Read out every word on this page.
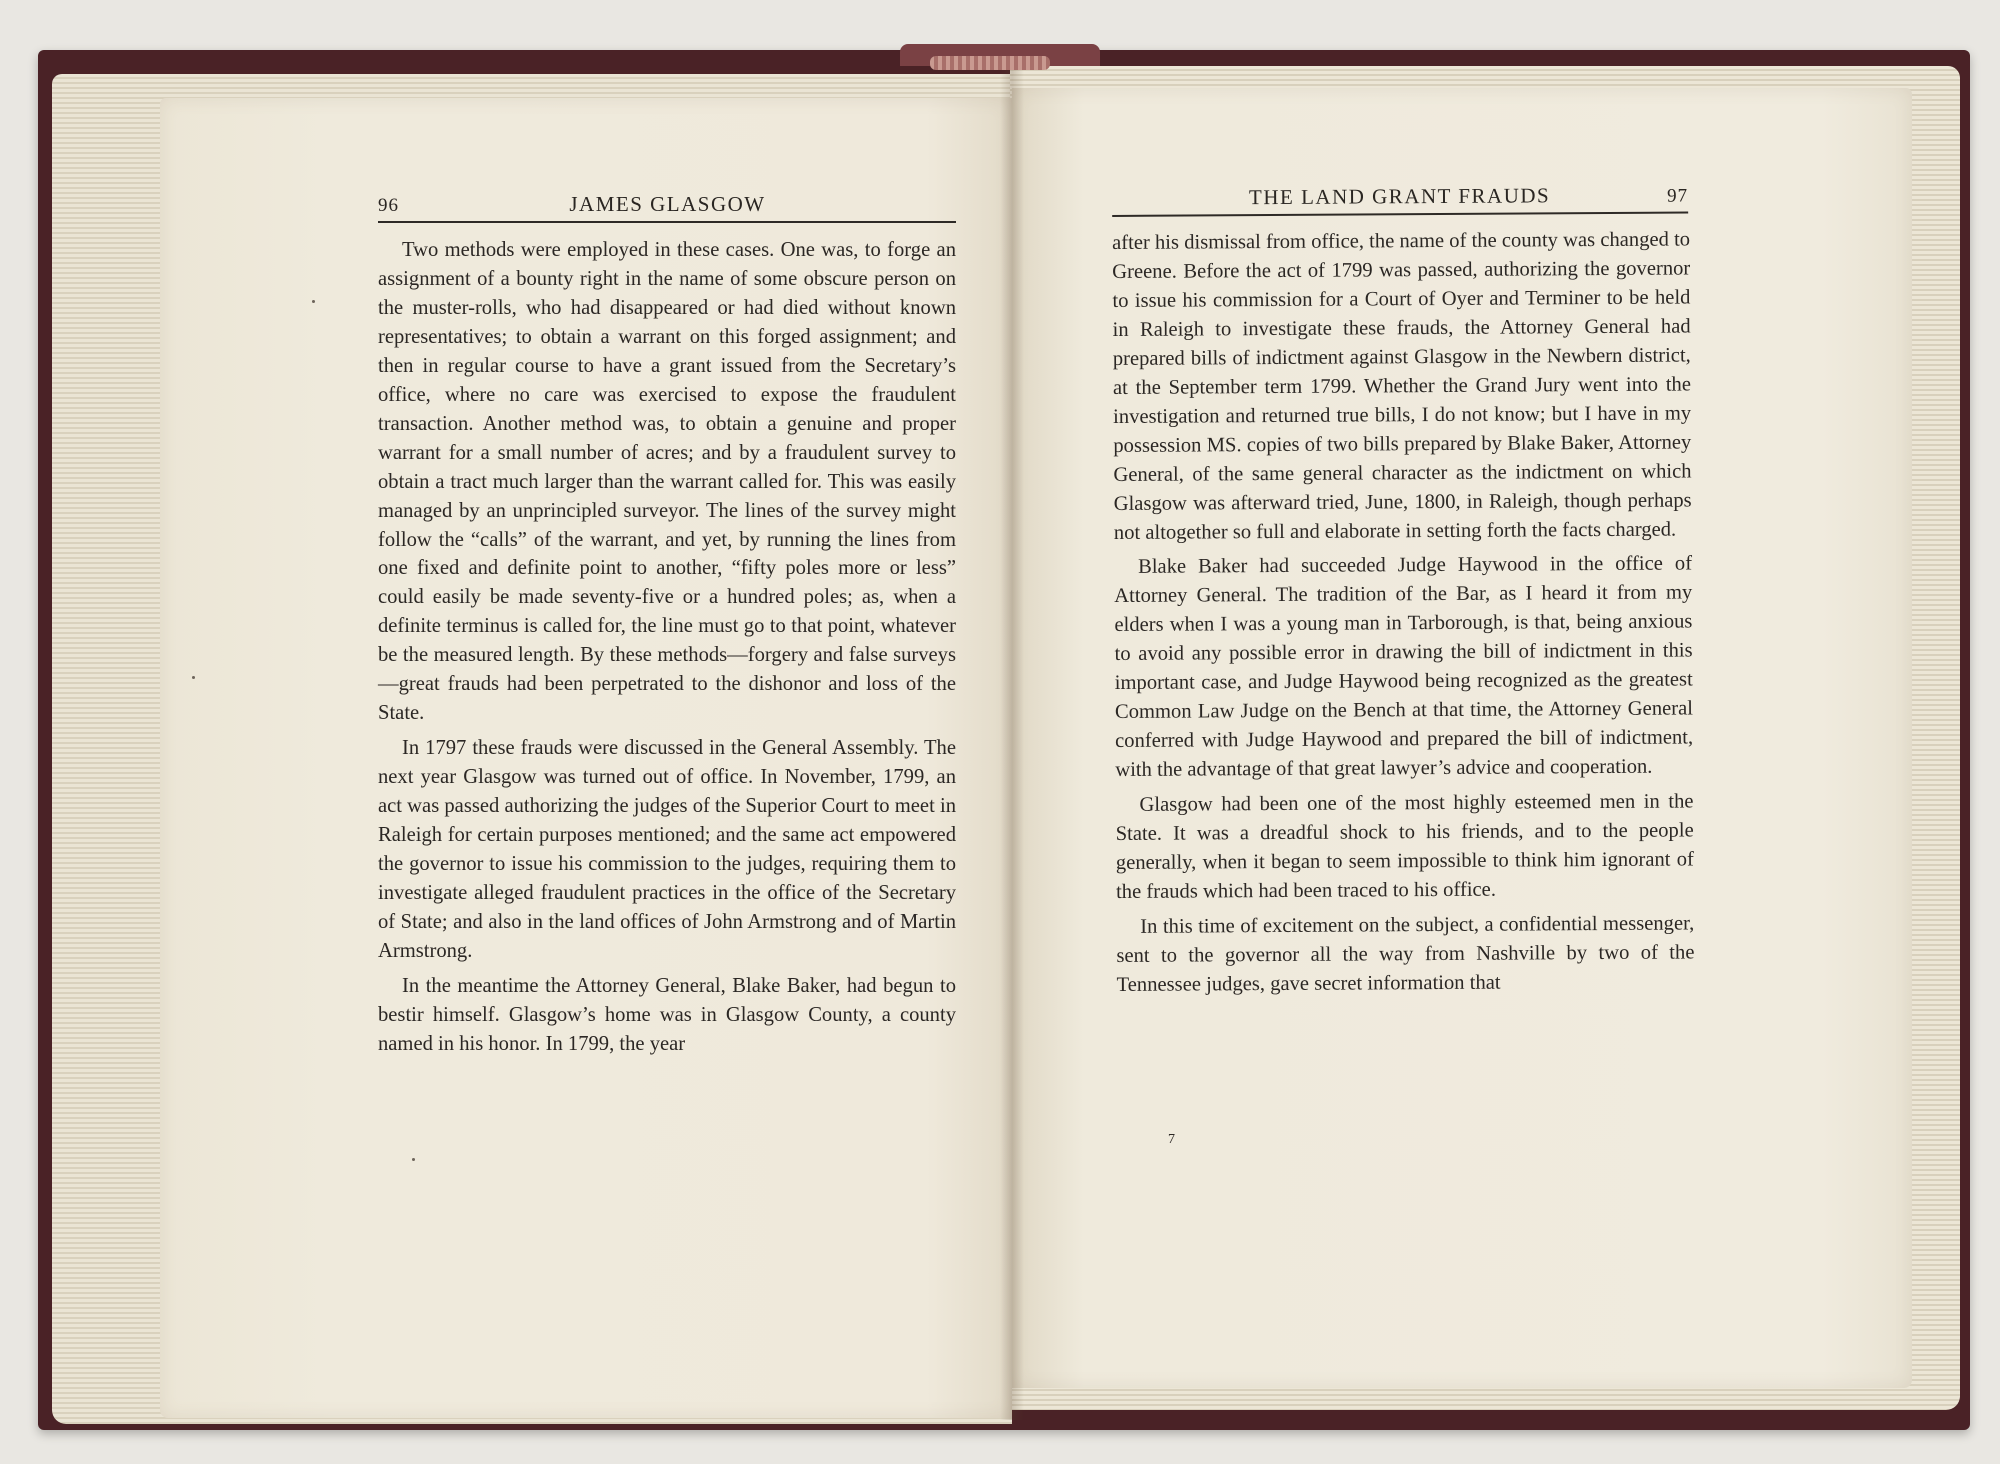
96	JAMES GLASGOW

Two methods were employed in these cases. One was, to forge an assignment of a bounty right in the name of some obscure person on the muster-rolls, who had disappeared or had died without known representatives; to obtain a warrant on this forged assignment; and then in regular course to have a grant issued from the Secretary’s office, where no care was exercised to expose the fraudulent transaction. Another method was, to obtain a genuine and proper warrant for a small number of acres; and by a fraudulent survey to obtain a tract much larger than the warrant called for. This was easily managed by an unprincipled surveyor. The lines of the survey might follow the “calls” of the warrant, and yet, by running the lines from one fixed and definite point to another, “fifty poles more or less” could easily be made seventy-five or a hundred poles; as, when a definite terminus is called for, the line must go to that point, whatever be the measured length. By these methods—forgery and false surveys—great frauds had been perpetrated to the dishonor and loss of the State.

In 1797 these frauds were discussed in the General Assembly. The next year Glasgow was turned out of office. In November, 1799, an act was passed authorizing the judges of the Superior Court to meet in Raleigh for certain purposes mentioned; and the same act empowered the governor to issue his commission to the judges, requiring them to investigate alleged fraudulent practices in the office of the Secretary of State; and also in the land offices of John Armstrong and of Martin Armstrong.

In the meantime the Attorney General, Blake Baker, had begun to bestir himself. Glasgow’s home was in Glasgow County, a county named in his honor. In 1799, the year

THE LAND GRANT FRAUDS	97

after his dismissal from office, the name of the county was changed to Greene. Before the act of 1799 was passed, authorizing the governor to issue his commission for a Court of Oyer and Terminer to be held in Raleigh to investigate these frauds, the Attorney General had prepared bills of indictment against Glasgow in the Newbern district, at the September term 1799. Whether the Grand Jury went into the investigation and returned true bills, I do not know; but I have in my possession MS. copies of two bills prepared by Blake Baker, Attorney General, of the same general character as the indictment on which Glasgow was afterward tried, June, 1800, in Raleigh, though perhaps not altogether so full and elaborate in setting forth the facts charged.

Blake Baker had succeeded Judge Haywood in the office of Attorney General. The tradition of the Bar, as I heard it from my elders when I was a young man in Tarborough, is that, being anxious to avoid any possible error in drawing the bill of indictment in this important case, and Judge Haywood being recognized as the greatest Common Law Judge on the Bench at that time, the Attorney General conferred with Judge Haywood and prepared the bill of indictment, with the advantage of that great lawyer’s advice and cooperation.

Glasgow had been one of the most highly esteemed men in the State. It was a dreadful shock to his friends, and to the people generally, when it began to seem impossible to think him ignorant of the frauds which had been traced to his office.

In this time of excitement on the subject, a confidential messenger, sent to the governor all the way from Nashville by two of the Tennessee judges, gave secret information that

7
